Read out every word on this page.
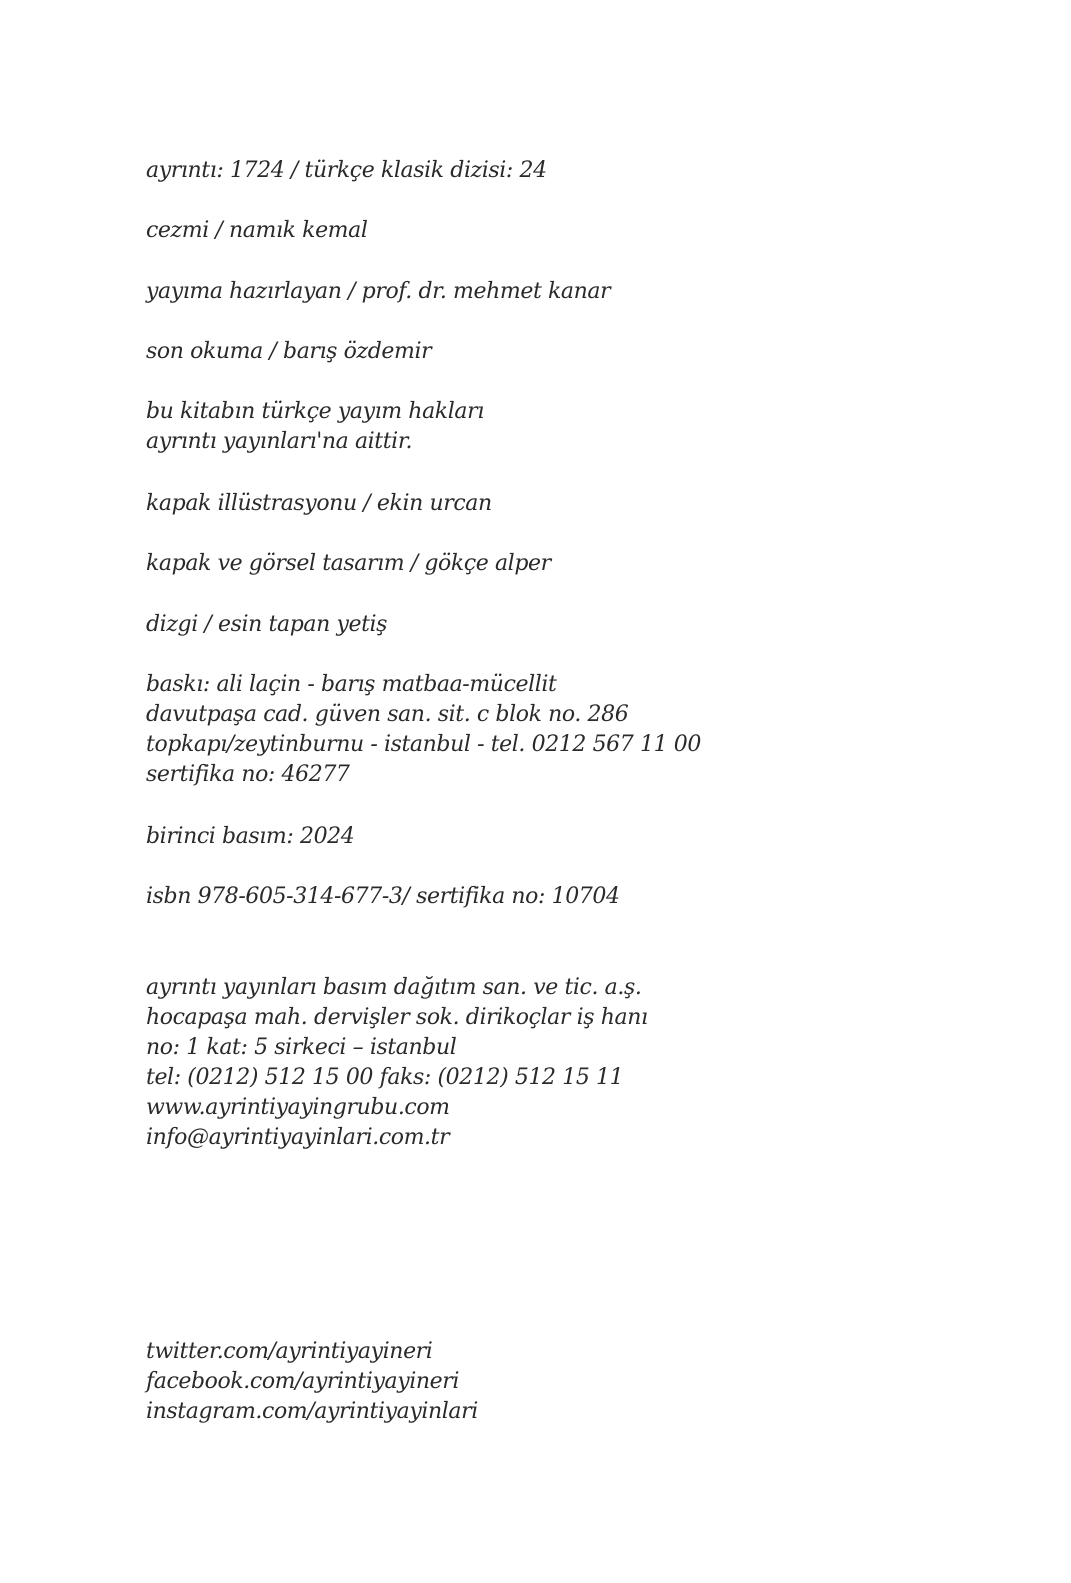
ayrıntı: 1724 / türkçe klasik dizisi: 24

cezmi / namık kemal

yayıma hazırlayan / prof. dr. mehmet kanar

son okuma / barış özdemir

bu kitabın türkçe yayım hakları
ayrıntı yayınları'na aittir.

kapak illüstrasyonu / ekin urcan

kapak ve görsel tasarım / gökçe alper

dizgi / esin tapan yetiş

baskı: ali laçin - barış matbaa-mücellit
davutpaşa cad. güven san. sit. c blok no. 286
topkapı/zeytinburnu - istanbul - tel. 0212 567 11 00
sertifika no: 46277

birinci basım: 2024

isbn 978-605-314-677-3/ sertifika no: 10704

ayrıntı yayınları basım dağıtım san. ve tic. a.ş.
hocapaşa mah. dervişler sok. dirikoçlar iş hanı
no: 1 kat: 5 sirkeci – istanbul
tel: (0212) 512 15 00 faks: (0212) 512 15 11
www.ayrintiyayingrubu.com
info@ayrintiyayinlari.com.tr
twitter.com/ayrintiyayineri
facebook.com/ayrintiyayineri
instagram.com/ayrintiyayinlari
